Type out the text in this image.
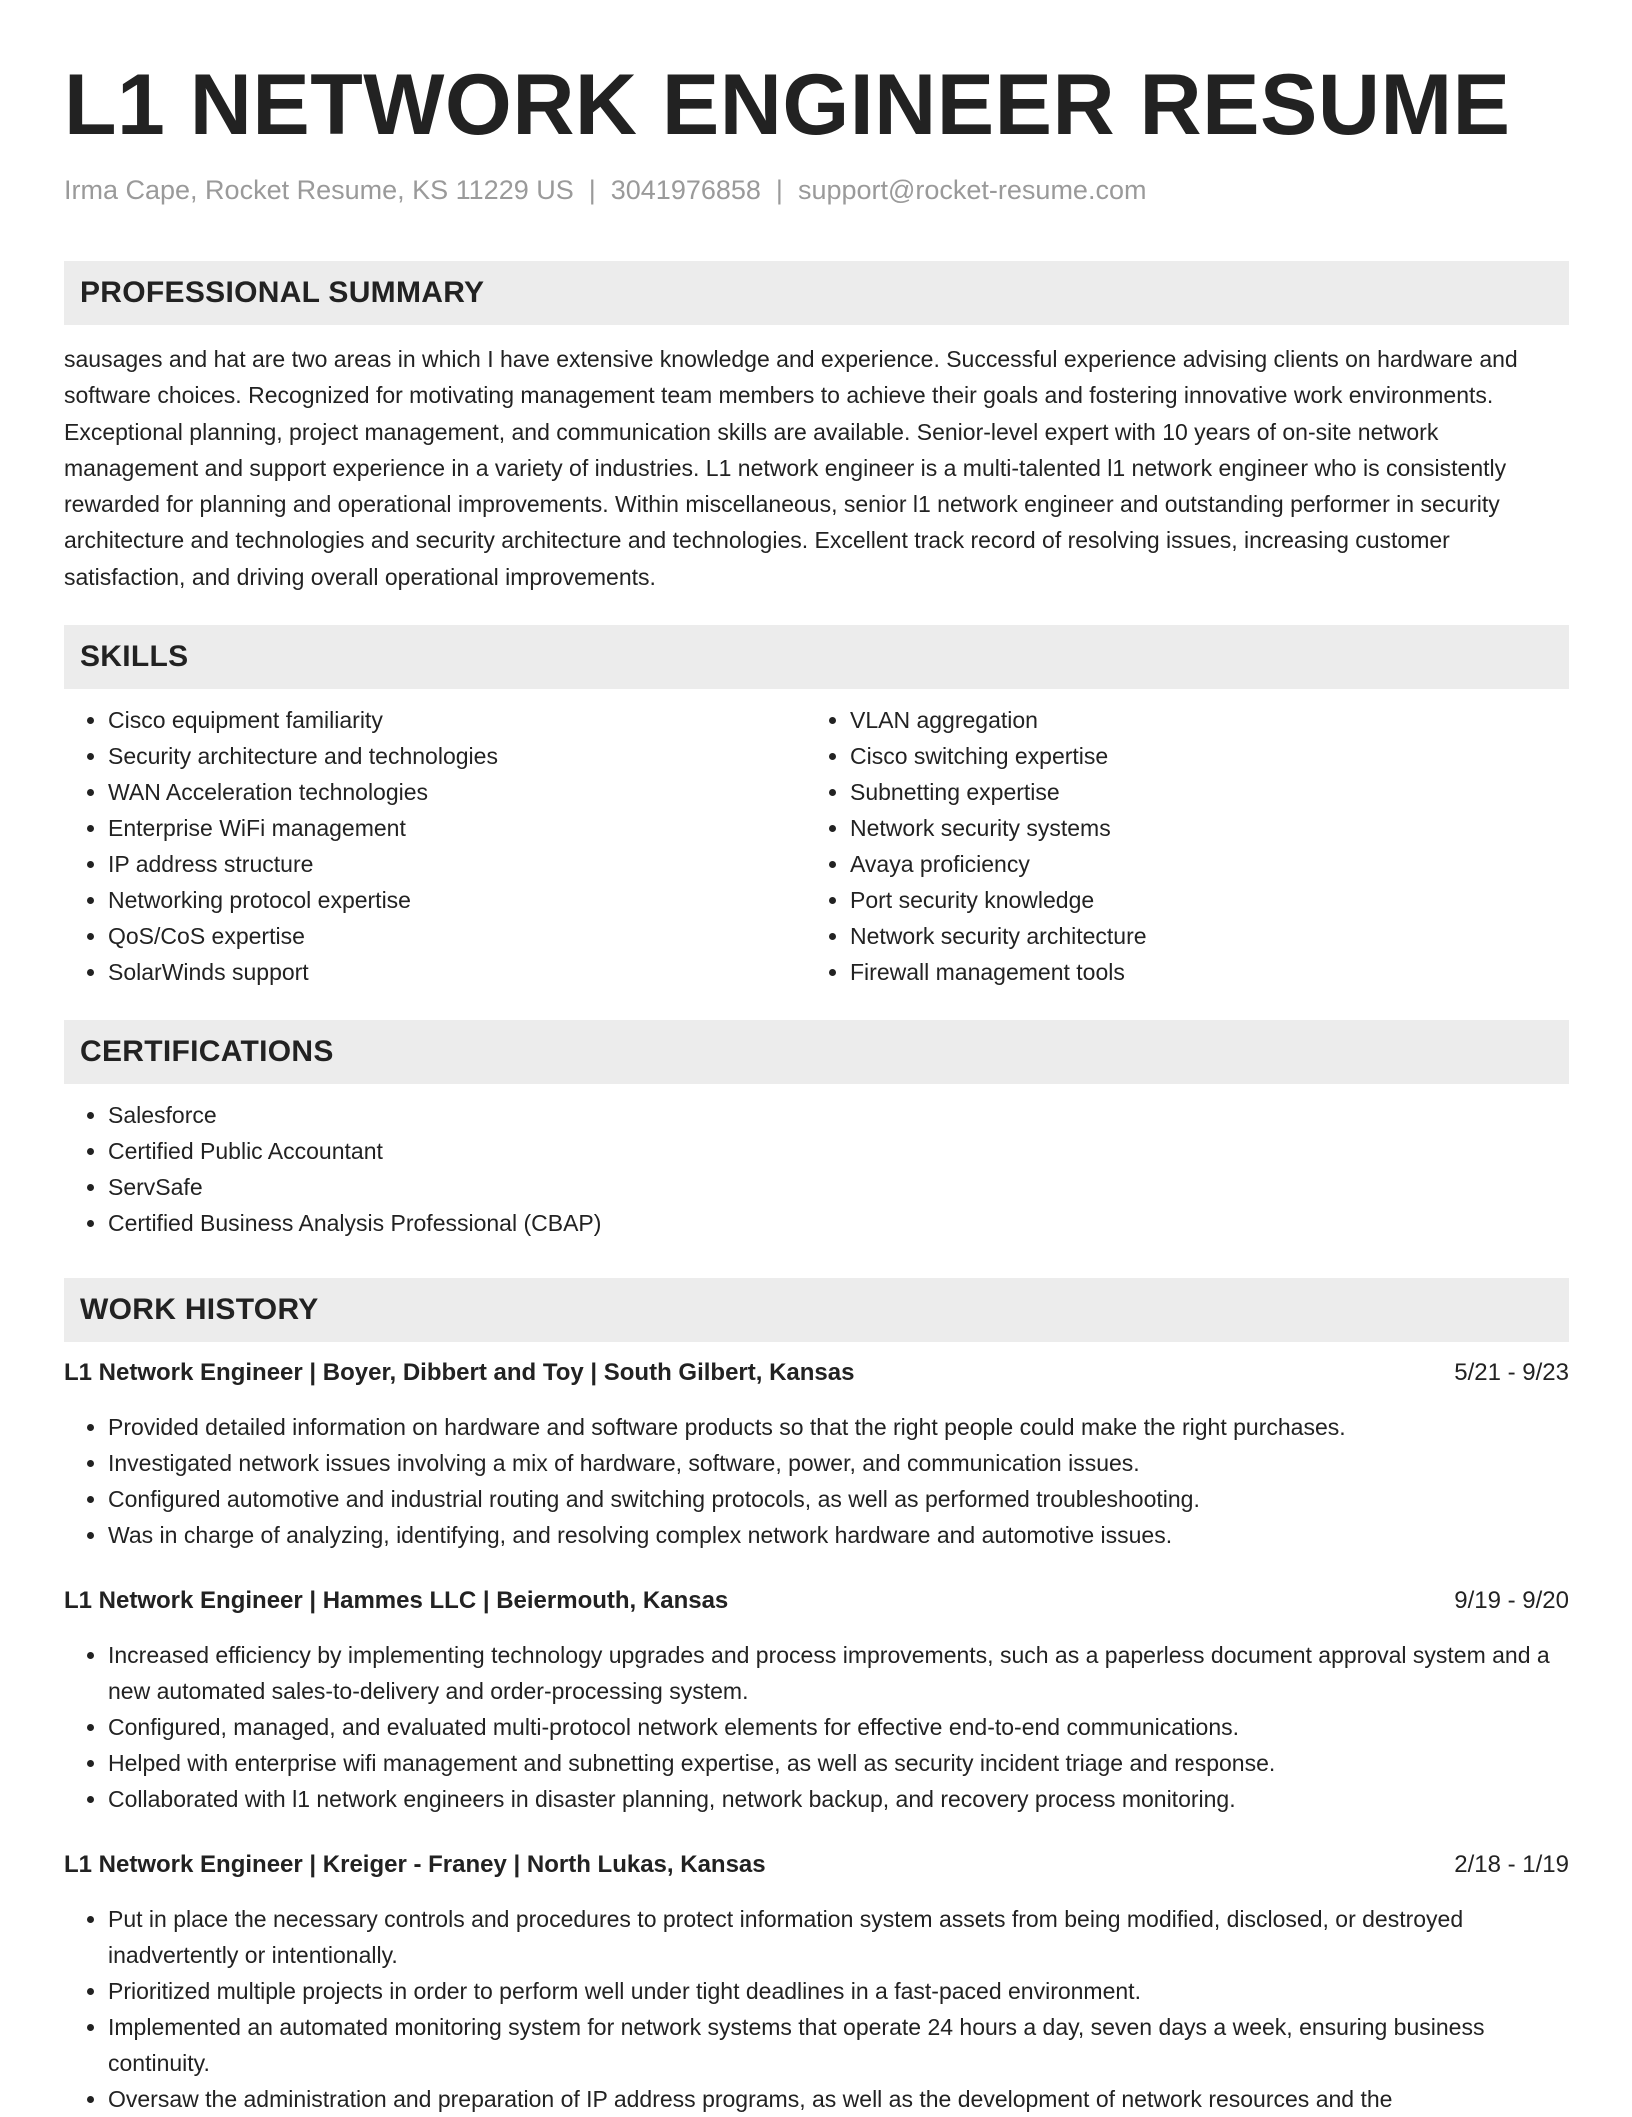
L1 NETWORK ENGINEER RESUME
Irma Cape, Rocket Resume, KS 11229 US | 3041976858 | support@rocket-resume.com
PROFESSIONAL SUMMARY

sausages and hat are two areas in which I have extensive knowledge and experience. Successful experience advising clients on hardware and software choices. Recognized for motivating management team members to achieve their goals and fostering innovative work environments. Exceptional planning, project management, and communication skills are available. Senior-level expert with 10 years of on-site network management and support experience in a variety of industries. L1 network engineer is a multi-talented l1 network engineer who is consistently rewarded for planning and operational improvements. Within miscellaneous, senior l1 network engineer and outstanding performer in security architecture and technologies and security architecture and technologies. Excellent track record of resolving issues, increasing customer satisfaction, and driving overall operational improvements.

SKILLS
• Cisco equipment familiarity
• Security architecture and technologies
• WAN Acceleration technologies
• Enterprise WiFi management
• IP address structure
• Networking protocol expertise
• QoS/CoS expertise
• SolarWinds support
• VLAN aggregation
• Cisco switching expertise
• Subnetting expertise
• Network security systems
• Avaya proficiency
• Port security knowledge
• Network security architecture
• Firewall management tools
CERTIFICATIONS
• Salesforce
• Certified Public Accountant
• ServSafe
• Certified Business Analysis Professional (CBAP)
WORK HISTORY
L1 Network Engineer | Boyer, Dibbert and Toy | South Gilbert, Kansas	5/21 - 9/23
• Provided detailed information on hardware and software products so that the right people could make the right purchases.
• Investigated network issues involving a mix of hardware, software, power, and communication issues.
• Configured automotive and industrial routing and switching protocols, as well as performed troubleshooting.
• Was in charge of analyzing, identifying, and resolving complex network hardware and automotive issues.
L1 Network Engineer | Hammes LLC | Beiermouth, Kansas	9/19 - 9/20
• Increased efficiency by implementing technology upgrades and process improvements, such as a paperless document approval system and a new automated sales-to-delivery and order-processing system.
• Configured, managed, and evaluated multi-protocol network elements for effective end-to-end communications.
• Helped with enterprise wifi management and subnetting expertise, as well as security incident triage and response.
• Collaborated with l1 network engineers in disaster planning, network backup, and recovery process monitoring.
L1 Network Engineer | Kreiger - Franey | North Lukas, Kansas	2/18 - 1/19
• Put in place the necessary controls and procedures to protect information system assets from being modified, disclosed, or destroyed inadvertently or intentionally.
• Prioritized multiple projects in order to perform well under tight deadlines in a fast-paced environment.
• Implemented an automated monitoring system for network systems that operate 24 hours a day, seven days a week, ensuring business continuity.
• Oversaw the administration and preparation of IP address programs, as well as the development of network resources and the
